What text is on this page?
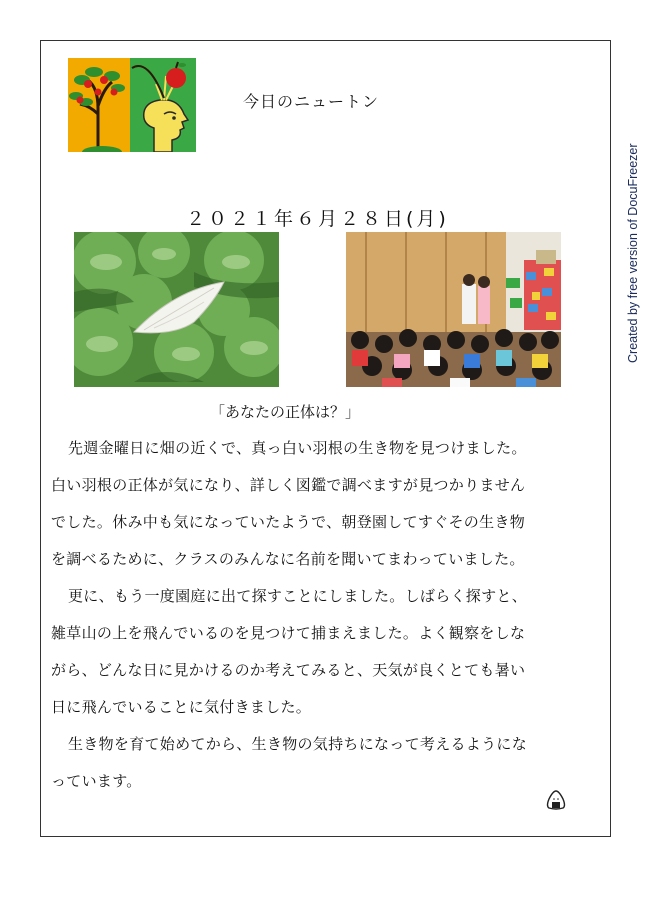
今日のニュートン
２０２１年６月２８日(月)
「あなたの正体は？」
先週金曜日に畑の近くで、真っ白い羽根の生き物を見つけました。
白い羽根の正体が気になり、詳しく図鑑で調べますが見つかりません
でした。休み中も気になっていたようで、朝登園してすぐその生き物
を調べるために、クラスのみんなに名前を聞いてまわっていました。
更に、もう一度園庭に出て探すことにしました。しばらく探すと、
雑草山の上を飛んでいるのを見つけて捕まえました。よく観察をしな
がら、どんな日に見かけるのか考えてみると、天気が良くとても暑い
日に飛んでいることに気付きました。
生き物を育て始めてから、生き物の気持ちになって考えるようにな
っています。
Created by free version of DocuFreezer
